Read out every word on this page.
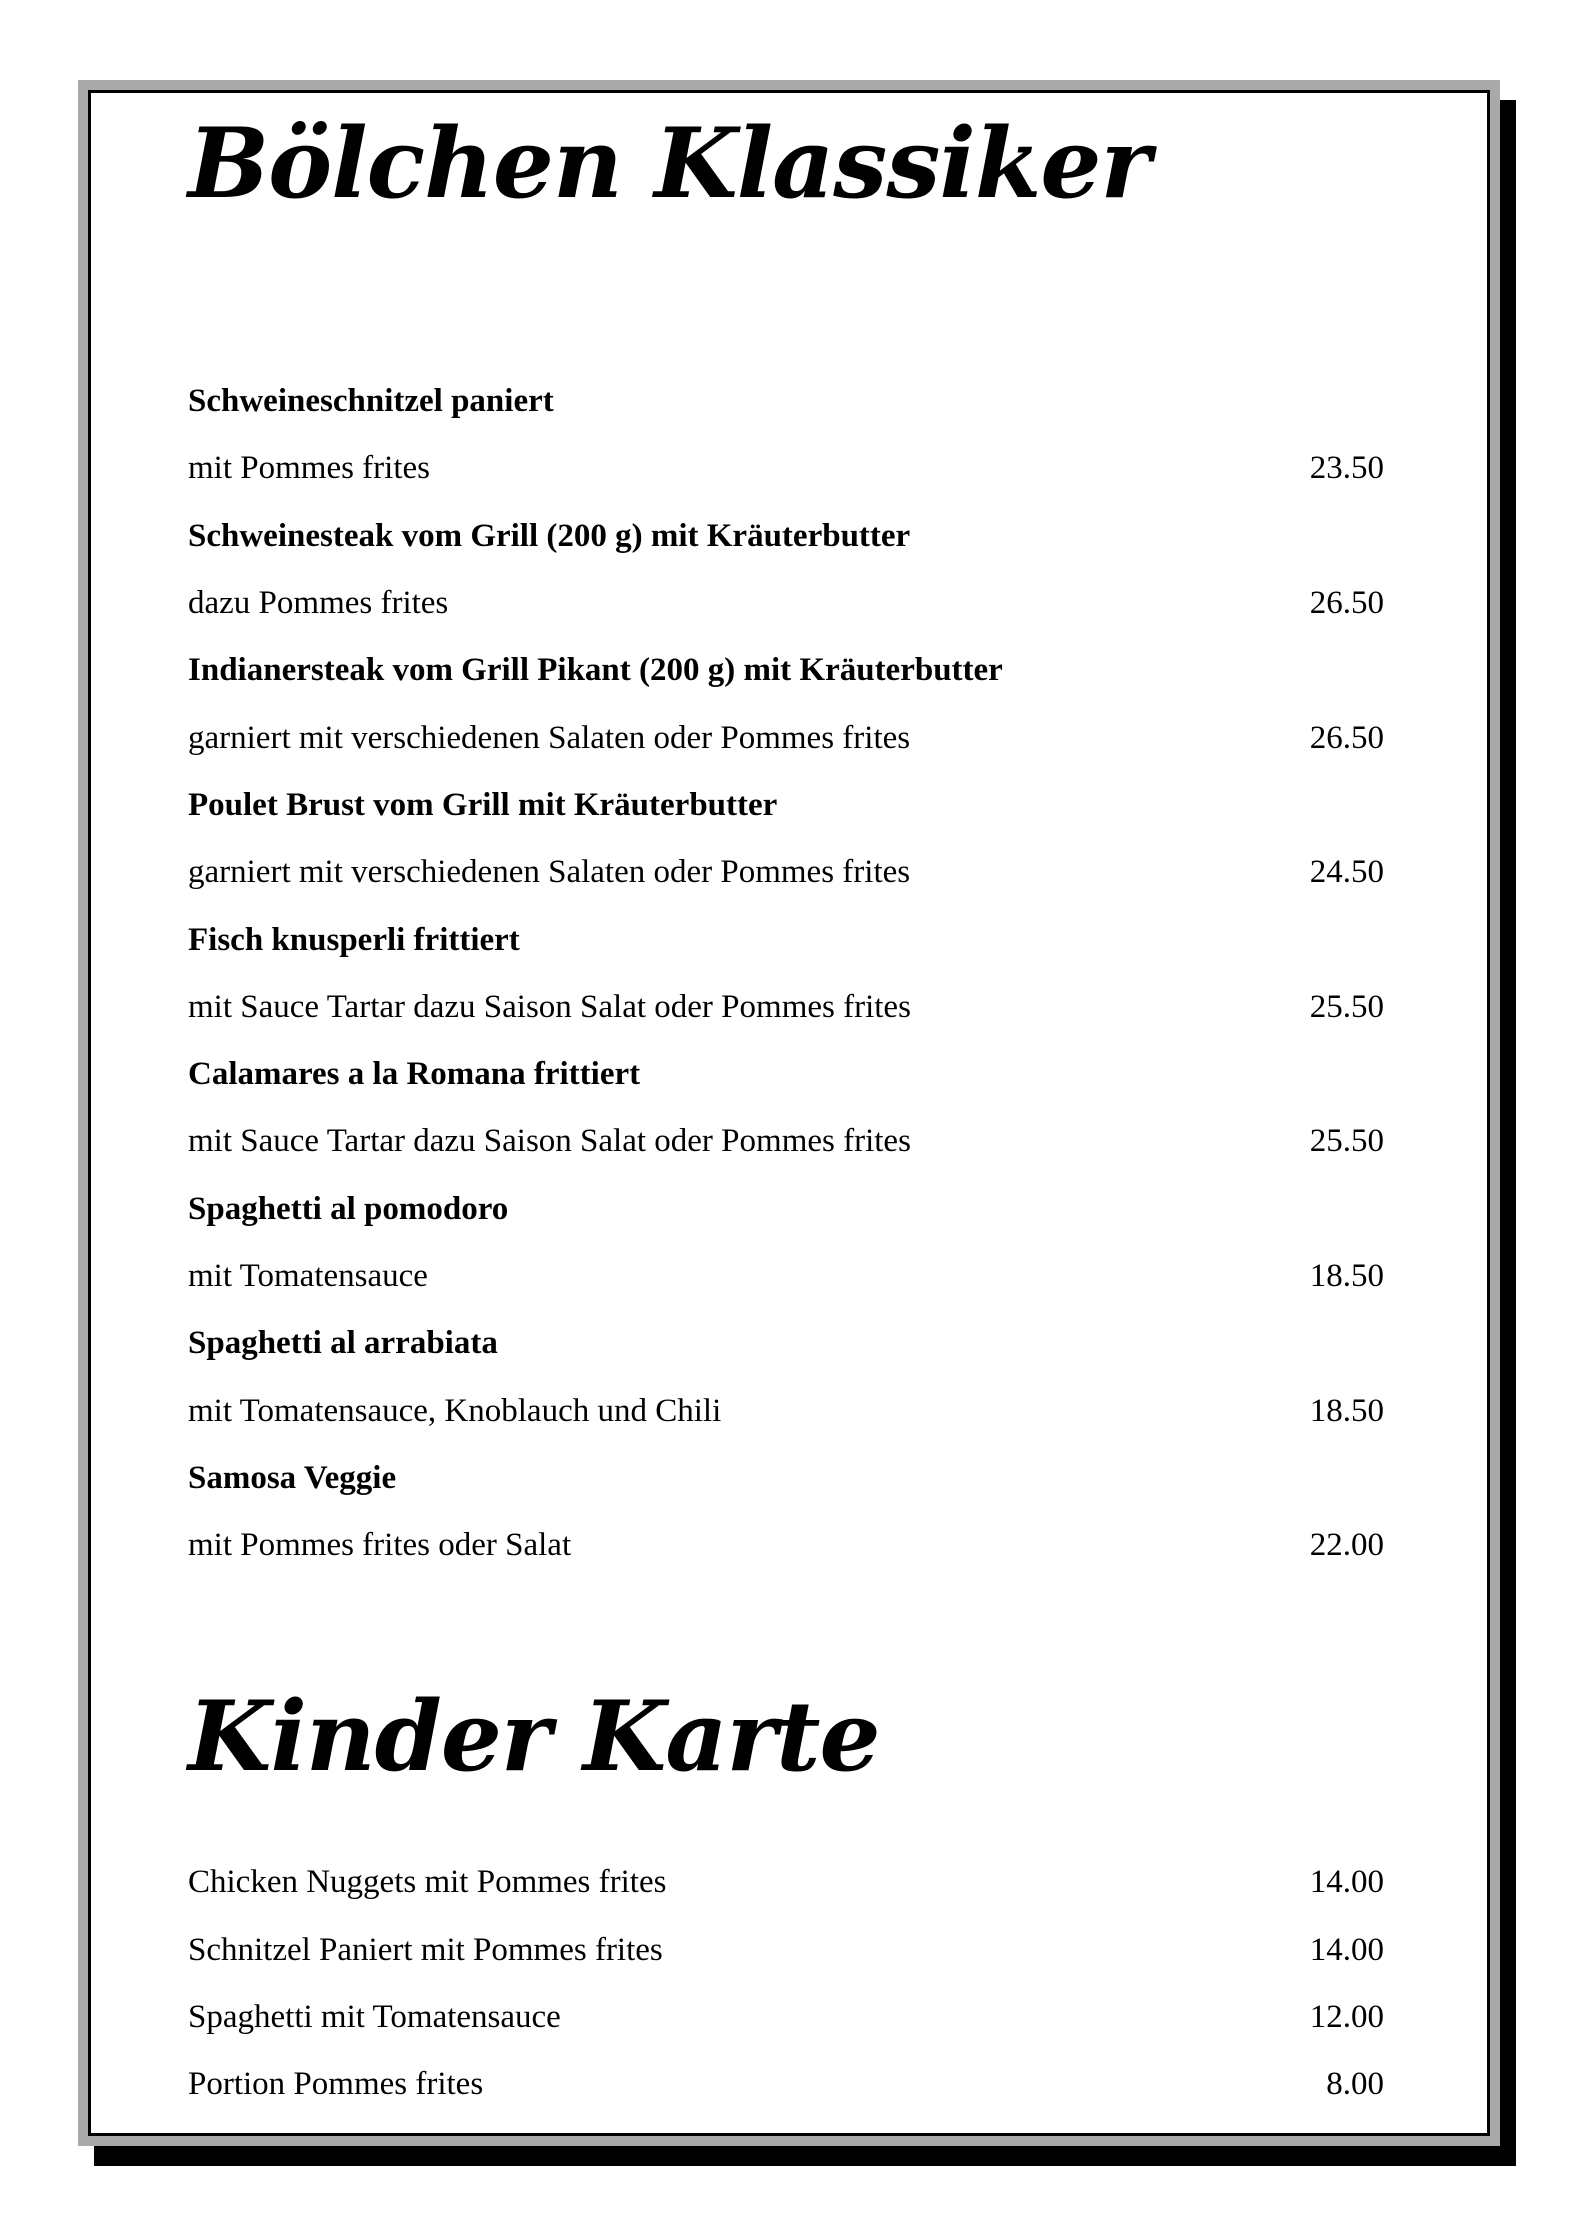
Bölchen Klassiker
Schweineschnitzel paniert
mit Pommes frites	23.50
Schweinesteak vom Grill (200 g) mit Kräuterbutter
dazu Pommes frites	26.50
Indianersteak vom Grill Pikant (200 g) mit Kräuterbutter
garniert mit verschiedenen Salaten oder Pommes frites	26.50
Poulet Brust vom Grill mit Kräuterbutter
garniert mit verschiedenen Salaten oder Pommes frites	24.50
Fisch knusperli frittiert
mit Sauce Tartar dazu Saison Salat oder Pommes frites	25.50
Calamares a la Romana frittiert
mit Sauce Tartar dazu Saison Salat oder Pommes frites	25.50
Spaghetti al pomodoro
mit Tomatensauce	18.50
Spaghetti al arrabiata
mit Tomatensauce, Knoblauch und Chili	18.50
Samosa Veggie
mit Pommes frites oder Salat	22.00
Kinder Karte
Chicken Nuggets mit Pommes frites	14.00
Schnitzel Paniert mit Pommes frites	14.00
Spaghetti mit Tomatensauce	12.00
Portion Pommes frites	8.00
